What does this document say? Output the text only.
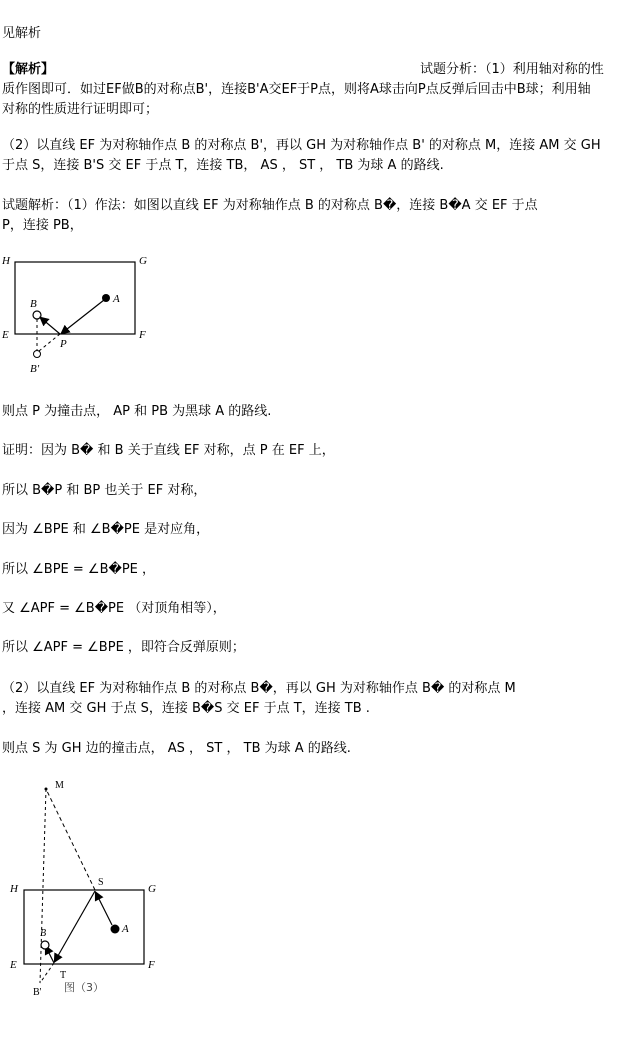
见解析
【解析】	试题分析：（1）利用轴对称的性
质作图即可．如过EF做B的对称点B'，连接B'A交EF于P点，则将A球击向P点反弹后回击中B球；利用轴
对称的性质进行证明即可；
（2）以直线 EF 为对称轴作点 B 的对称点 B'，再以 GH 为对称轴作点 B' 的对称点 M，连接 AM 交 GH
于点 S，连接 B'S 交 EF 于点 T，连接 TB， AS ， ST ， TB 为球 A 的路线.
试题解析：（1）作法：如图以直线 EF 为对称轴作点 B 的对称点 B�，连接 B�A 交 EF 于点
P，连接 PB，
H	G
E	F
A
B
P
B'
则点 P 为撞击点， AP 和 PB 为黑球 A 的路线.
证明：因为 B� 和 B 关于直线 EF 对称，点 P 在 EF 上，
所以 B�P 和 BP 也关于 EF 对称，
因为 ∠BPE 和 ∠B�PE 是对应角，
所以 ∠BPE = ∠B�PE ，
又 ∠APF = ∠B�PE （对顶角相等），
所以 ∠APF = ∠BPE ，即符合反弹原则；
（2）以直线 EF 为对称轴作点 B 的对称点 B�，再以 GH 为对称轴作点 B� 的对称点 M
，连接 AM 交 GH 于点 S，连接 B�S 交 EF 于点 T，连接 TB .
则点 S 为 GH 边的撞击点， AS ， ST ， TB 为球 A 的路线.
M
H	G
E	F
S
A
B
T
B' 图（3）
